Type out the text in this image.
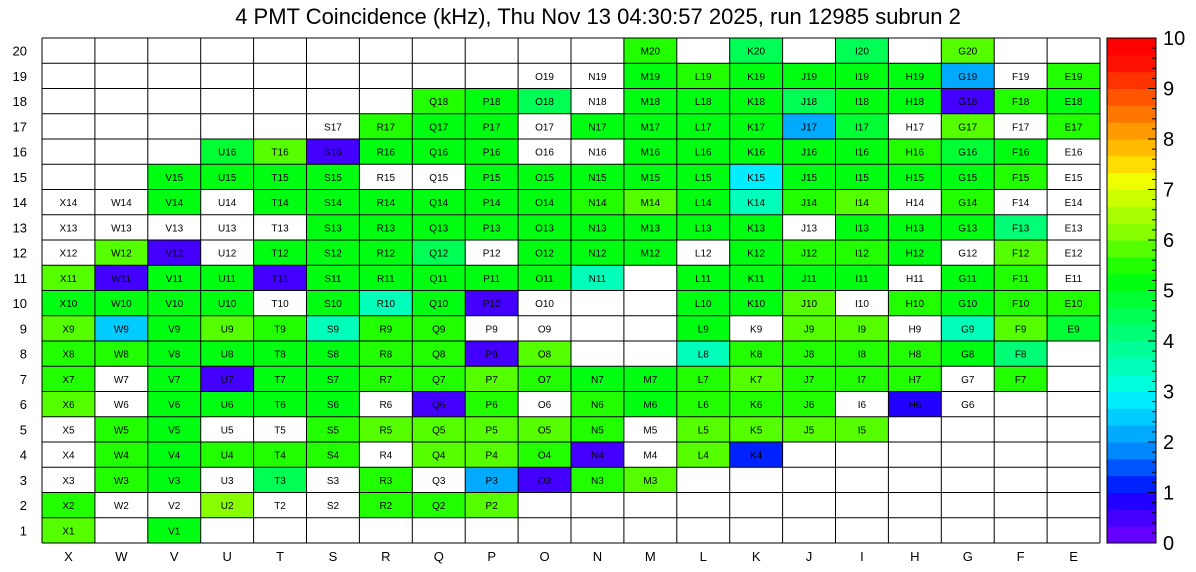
4 PMT Coincidence (kHz), Thu Nov 13 04:30:57 2025, run 12985 subrun 2
M20	K20	I20	G20
O19	N19	M19	L19	K19	J19	I19	H19	G19	F19	E19
Q18	P18	O18	N18	M18	L18	K18	J18	I18	H18	G18	F18	E18
S17	R17	Q17	P17	O17	N17	M17	L17	K17	J17	I17	H17	G17	F17	E17
U16	T16	S16	R16	Q16	P16	O16	N16	M16	L16	K16	J16	I16	H16	G16	F16	E16
V15	U15	T15	S15	R15	Q15	P15	O15	N15	M15	L15	K15	J15	I15	H15	G15	F15	E15
X14	W14	V14	U14	T14	S14	R14	Q14	P14	O14	N14	M14	L14	K14	J14	I14	H14	G14	F14	E14
X13	W13	V13	U13	T13	S13	R13	Q13	P13	O13	N13	M13	L13	K13	J13	I13	H13	G13	F13	E13
X12	W12	V12	U12	T12	S12	R12	Q12	P12	O12	N12	M12	L12	K12	J12	I12	H12	G12	F12	E12
X11	W11	V11	U11	T11	S11	R11	Q11	P11	O11	N11	L11	K11	J11	I11	H11	G11	F11	E11
X10	W10	V10	U10	T10	S10	R10	Q10	P10	O10	L10	K10	J10	I10	H10	G10	F10	E10
X9	W9	V9	U9	T9	S9	R9	Q9	P9	O9	L9	K9	J9	I9	H9	G9	F9	E9
X8	W8	V8	U8	T8	S8	R8	Q8	P8	O8	L8	K8	J8	I8	H8	G8	F8
X7	W7	V7	U7	T7	S7	R7	Q7	P7	O7	N7	M7	L7	K7	J7	I7	H7	G7	F7
X6	W6	V6	U6	T6	S6	R6	Q6	P6	O6	N6	M6	L6	K6	J6	I6	H6	G6
X5	W5	V5	U5	T5	S5	R5	Q5	P5	O5	N5	M5	L5	K5	J5	I5
X4	W4	V4	U4	T4	S4	R4	Q4	P4	O4	N4	M4	L4	K4
X3	W3	V3	U3	T3	S3	R3	Q3	P3	O3	N3	M3
X2	W2	V2	U2	T2	S2	R2	Q2	P2
X1	V1
X	W	V	U	T	S	R	Q	P	O	N	M	L	K	J	I	H	G	F	E
1
2
3
4
5
6
7
8
9
10
11
12
13
14
15
16
17
18
19
20
0
1
2
3
4
5
6
7
8
9
10
